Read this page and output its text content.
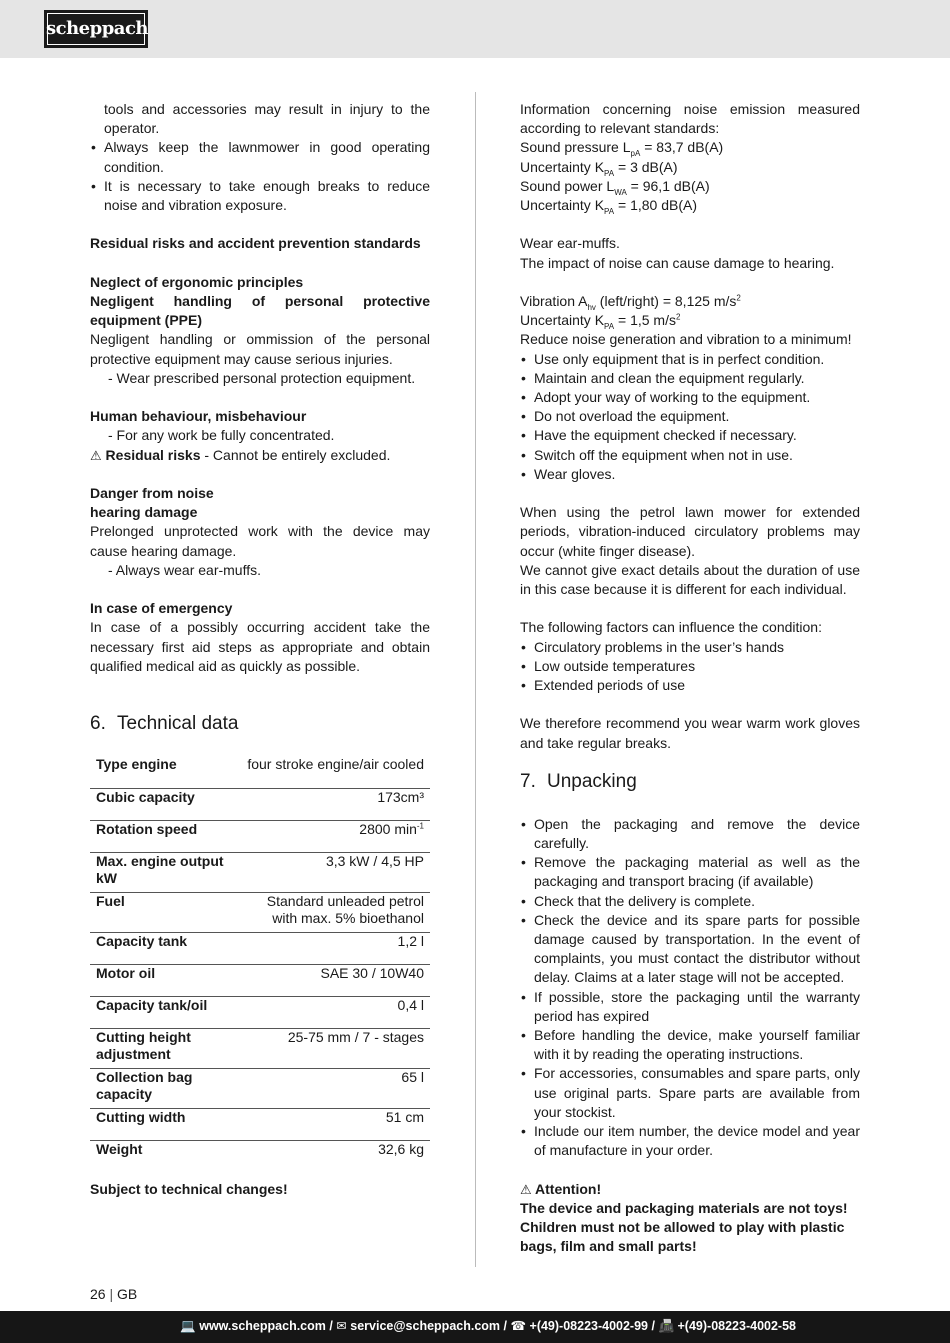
scheppach

tools and accessories may result in injury to the operator.

• Always keep the lawnmower in good operating condition.
• It is necessary to take enough breaks to reduce noise and vibration exposure.

Residual risks and accident prevention standards

Neglect of ergonomic principles

Negligent handling of personal protective equipment (PPE)

Negligent handling or ommission of the personal protective equipment may cause serious injuries.

- Wear prescribed personal protection equipment.

Human behaviour, misbehaviour

- For any work be fully concentrated.

⚠ Residual risks - Cannot be entirely excluded.

Danger from noise

hearing damage

Prelonged unprotected work with the device may cause hearing damage.

- Always wear ear-muffs.

In case of emergency

In case of a possibly occurring accident take the necessary first aid steps as appropriate and obtain qualified medical aid as quickly as possible.

6. Technical data
Type engine	four stroke engine/air cooled
Cubic capacity	173cm³
Rotation speed	2800 $\min^{-1}$
Max. engine output kW	3,3 kW / 4,5 HP
Fuel	Standard unleaded petrol with max. 5% bioethanol
Capacity tank	1,2 l
Motor oil	SAE 30 / 10W40
Capacity tank/oil	0,4 l
Cutting height adjustment	25-75 mm / 7 - stages
Collection bag capacity	65 l
Cutting width	51 cm
Weight	32,6 kg

Subject to technical changes!

Information concerning noise emission measured according to relevant standards:

Sound pressure $L_{pA} = 83,7$ dB(A)

Uncertainty $K_{PA} = 3$ dB(A)

Sound power $L_{WA} = 96,1$ dB(A)

Uncertainty $K_{PA} = 1,80$ dB(A)

Wear ear-muffs.

The impact of noise can cause damage to hearing.

Vibration $A_{hv}$ (left/right) = 8,125 $m/s^2$

Uncertainty $K_{PA} = 1,5$ $m/s^2$

Reduce noise generation and vibration to a minimum!

• Use only equipment that is in perfect condition.
• Maintain and clean the equipment regularly.
• Adopt your way of working to the equipment.
• Do not overload the equipment.
• Have the equipment checked if necessary.
• Switch off the equipment when not in use.
• Wear gloves.

When using the petrol lawn mower for extended periods, vibration-induced circulatory problems may occur (white finger disease).

We cannot give exact details about the duration of use in this case because it is different for each individual.

The following factors can influence the condition:

• Circulatory problems in the user’s hands
• Low outside temperatures
• Extended periods of use

We therefore recommend you wear warm work gloves and take regular breaks.

7. Unpacking
• Open the packaging and remove the device carefully.
• Remove the packaging material as well as the packaging and transport bracing (if available)
• Check that the delivery is complete.
• Check the device and its spare parts for possible damage caused by transportation. In the event of complaints, you must contact the distributor without delay. Claims at a later stage will not be accepted.
• If possible, store the packaging until the warranty period has expired
• Before handling the device, make yourself familiar with it by reading the operating instructions.
• For accessories, consumables and spare parts, only use original parts. Spare parts are available from your stockist.
• Include our item number, the device model and year of manufacture in your order.

⚠ Attention!

The device and packaging materials are not toys! Children must not be allowed to play with plastic bags, film and small parts!

26 | GB
💻 www.scheppach.com / ✉ service@scheppach.com / ☎ +(49)-08223-4002-99 / 📠 +(49)-08223-4002-58
